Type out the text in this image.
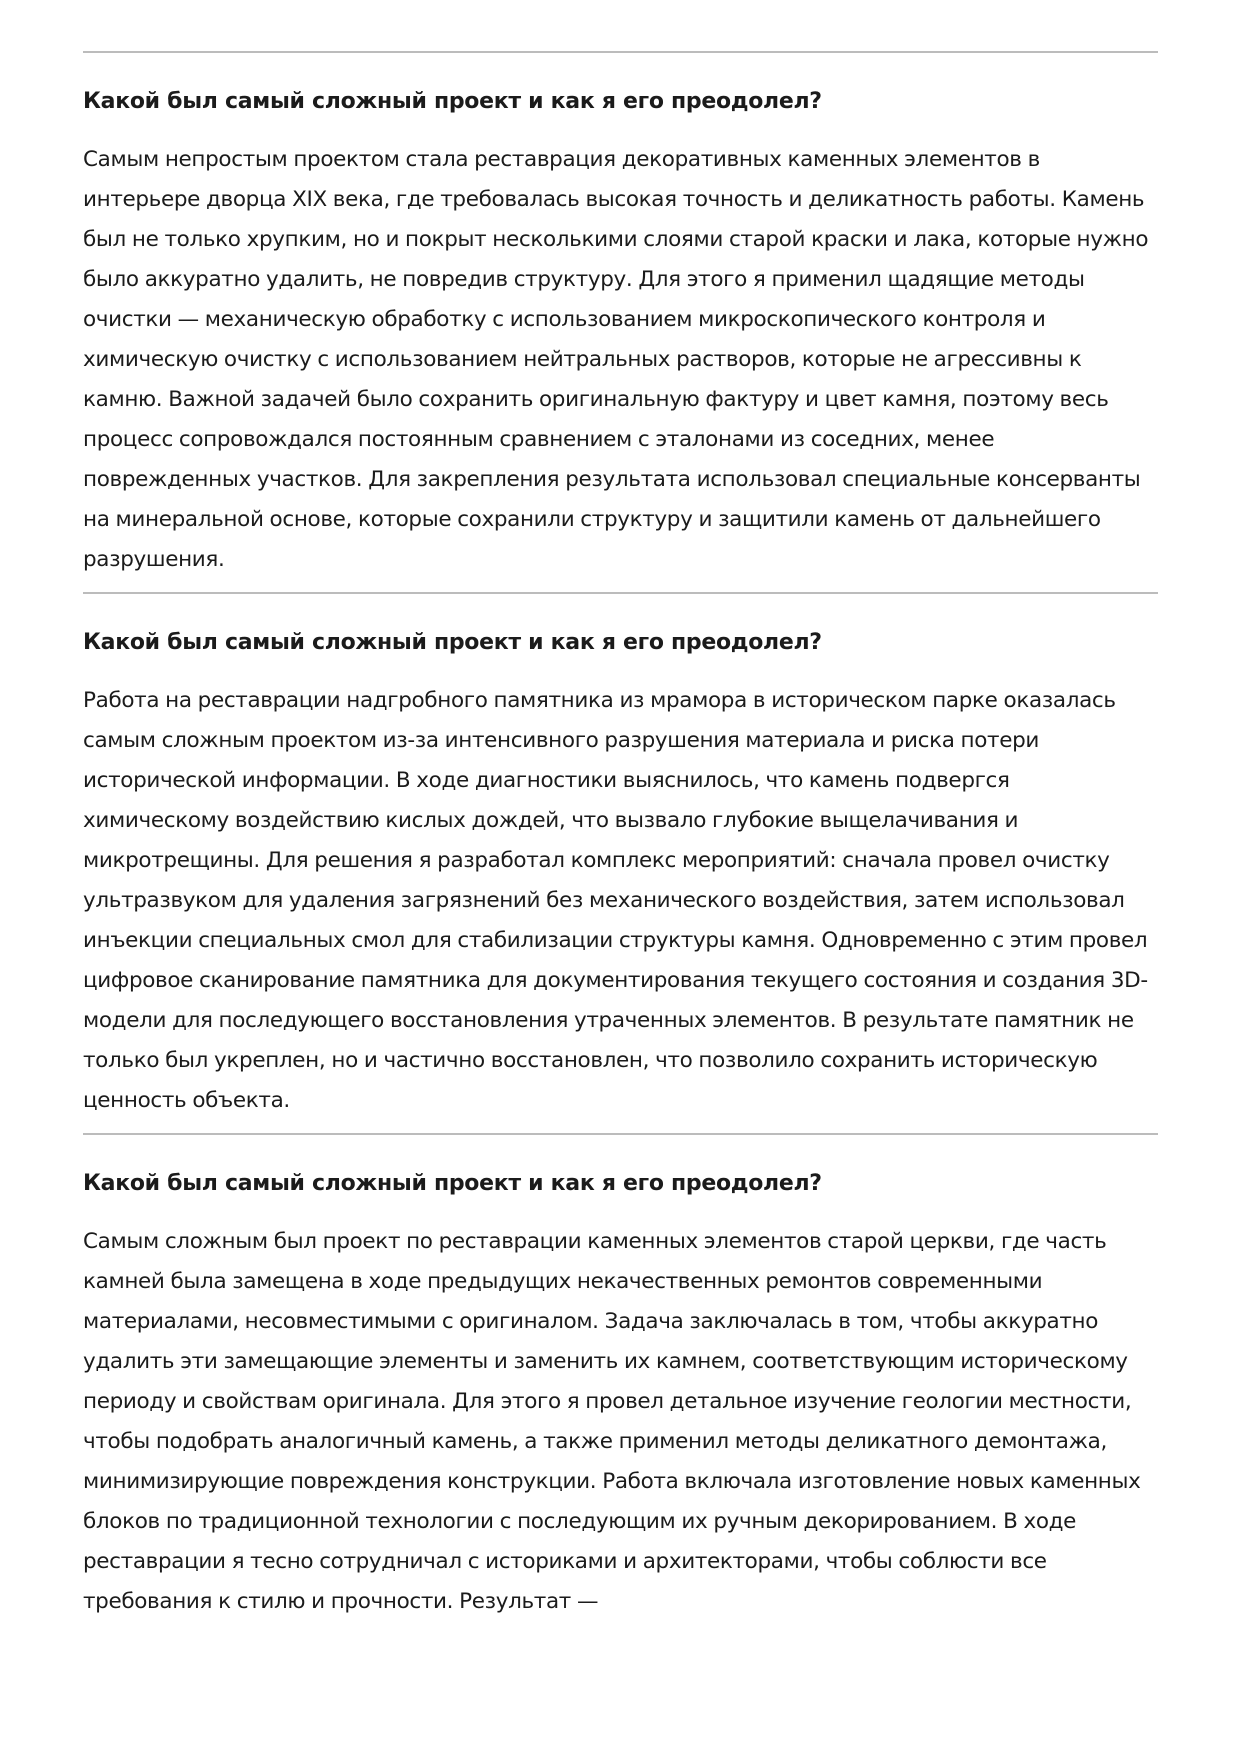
Какой был самый сложный проект и как я его преодолел?

Самым непростым проектом стала реставрация декоративных каменных элементов в интерьере дворца XIX века, где требовалась высокая точность и деликатность работы. Камень был не только хрупким, но и покрыт несколькими слоями старой краски и лака, которые нужно было аккуратно удалить, не повредив структуру. Для этого я применил щадящие методы очистки — механическую обработку с использованием микроскопического контроля и химическую очистку с использованием нейтральных растворов, которые не агрессивны к камню. Важной задачей было сохранить оригинальную фактуру и цвет камня, поэтому весь процесс сопровождался постоянным сравнением с эталонами из соседних, менее поврежденных участков. Для закрепления результата использовал специальные консерванты на минеральной основе, которые сохранили структуру и защитили камень от дальнейшего разрушения.

Какой был самый сложный проект и как я его преодолел?

Работа на реставрации надгробного памятника из мрамора в историческом парке оказалась самым сложным проектом из-за интенсивного разрушения материала и риска потери исторической информации. В ходе диагностики выяснилось, что камень подвергся химическому воздействию кислых дождей, что вызвало глубокие выщелачивания и микротрещины. Для решения я разработал комплекс мероприятий: сначала провел очистку ультразвуком для удаления загрязнений без механического воздействия, затем использовал инъекции специальных смол для стабилизации структуры камня. Одновременно с этим провел цифровое сканирование памятника для документирования текущего состояния и создания 3D-модели для последующего восстановления утраченных элементов. В результате памятник не только был укреплен, но и частично восстановлен, что позволило сохранить историческую ценность объекта.

Какой был самый сложный проект и как я его преодолел?

Самым сложным был проект по реставрации каменных элементов старой церкви, где часть камней была замещена в ходе предыдущих некачественных ремонтов современными материалами, несовместимыми с оригиналом. Задача заключалась в том, чтобы аккуратно удалить эти замещающие элементы и заменить их камнем, соответствующим историческому периоду и свойствам оригинала. Для этого я провел детальное изучение геологии местности, чтобы подобрать аналогичный камень, а также применил методы деликатного демонтажа, минимизирующие повреждения конструкции. Работа включала изготовление новых каменных блоков по традиционной технологии с последующим их ручным декорированием. В ходе реставрации я тесно сотрудничал с историками и архитекторами, чтобы соблюсти все требования к стилю и прочности. Результат —
